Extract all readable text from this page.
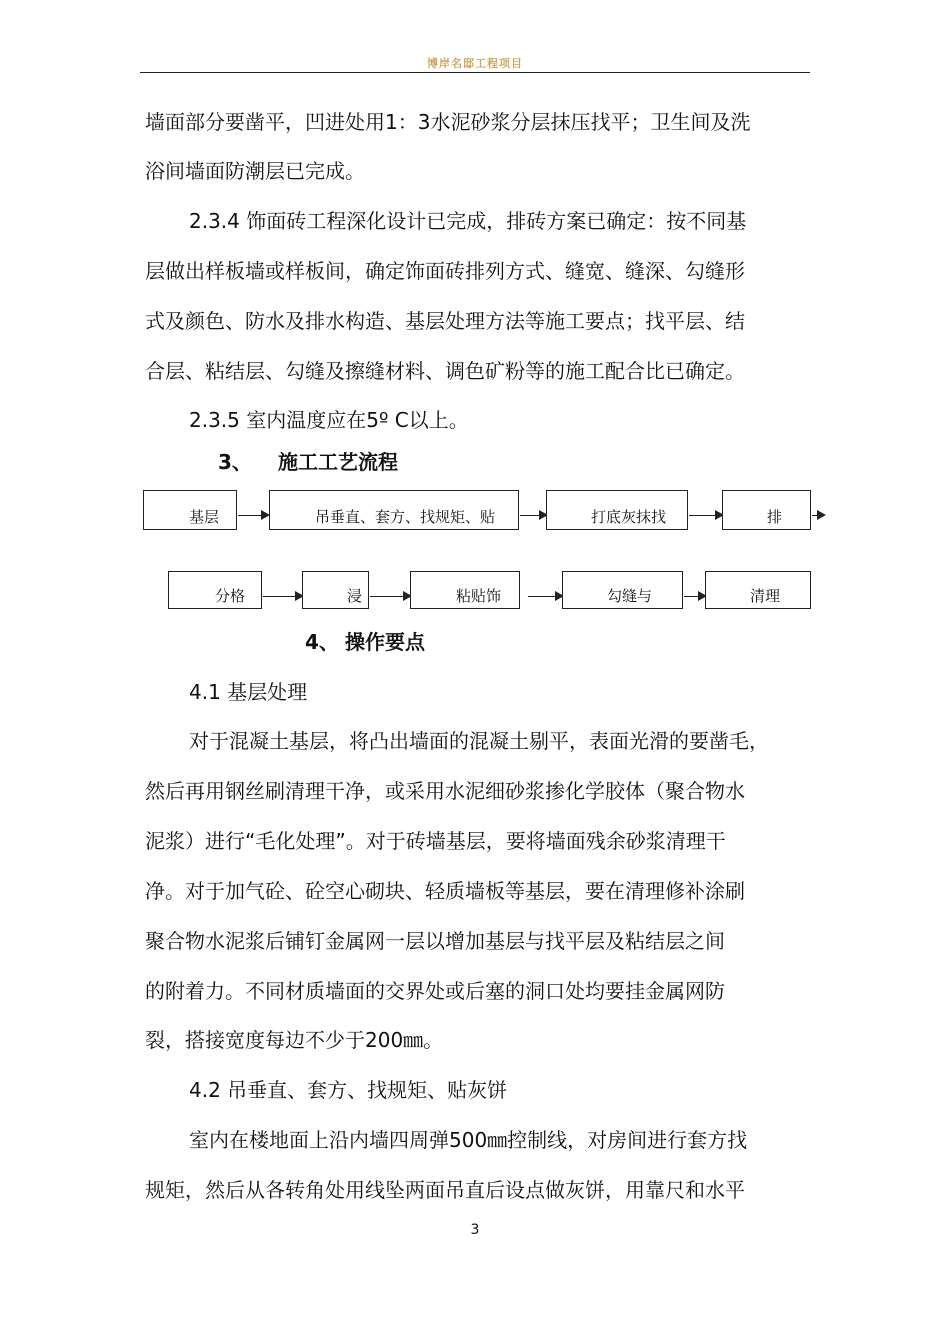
博岸名邸工程项目
墙面部分要凿平，凹进处用1：3水泥砂浆分层抹压找平；卫生间及洗
浴间墙面防潮层已完成。
2.3.4 饰面砖工程深化设计已完成，排砖方案已确定：按不同基
层做出样板墙或样板间，确定饰面砖排列方式、缝宽、缝深、勾缝形
式及颜色、防水及排水构造、基层处理方法等施工要点；找平层、结
合层、粘结层、勾缝及擦缝材料、调色矿粉等的施工配合比已确定。
2.3.5 室内温度应在5º C以上。
3、 施工工艺流程
基层	吊垂直、套方、找规矩、贴	打底灰抹找	排
分格	浸	粘贴饰	勾缝与	清理
4、 操作要点
4.1 基层处理
对于混凝土基层，将凸出墙面的混凝土剔平，表面光滑的要凿毛，
然后再用钢丝刷清理干净，或采用水泥细砂浆掺化学胶体（聚合物水
泥浆）进行“毛化处理”。对于砖墙基层，要将墙面残余砂浆清理干
净。对于加气砼、砼空心砌块、轻质墙板等基层，要在清理修补涂刷
聚合物水泥浆后铺钉金属网一层以增加基层与找平层及粘结层之间
的附着力。不同材质墙面的交界处或后塞的洞口处均要挂金属网防
裂，搭接宽度每边不少于200㎜。
4.2 吊垂直、套方、找规矩、贴灰饼
室内在楼地面上沿内墙四周弹500㎜控制线，对房间进行套方找
规矩，然后从各转角处用线坠两面吊直后设点做灰饼，用靠尺和水平
3
